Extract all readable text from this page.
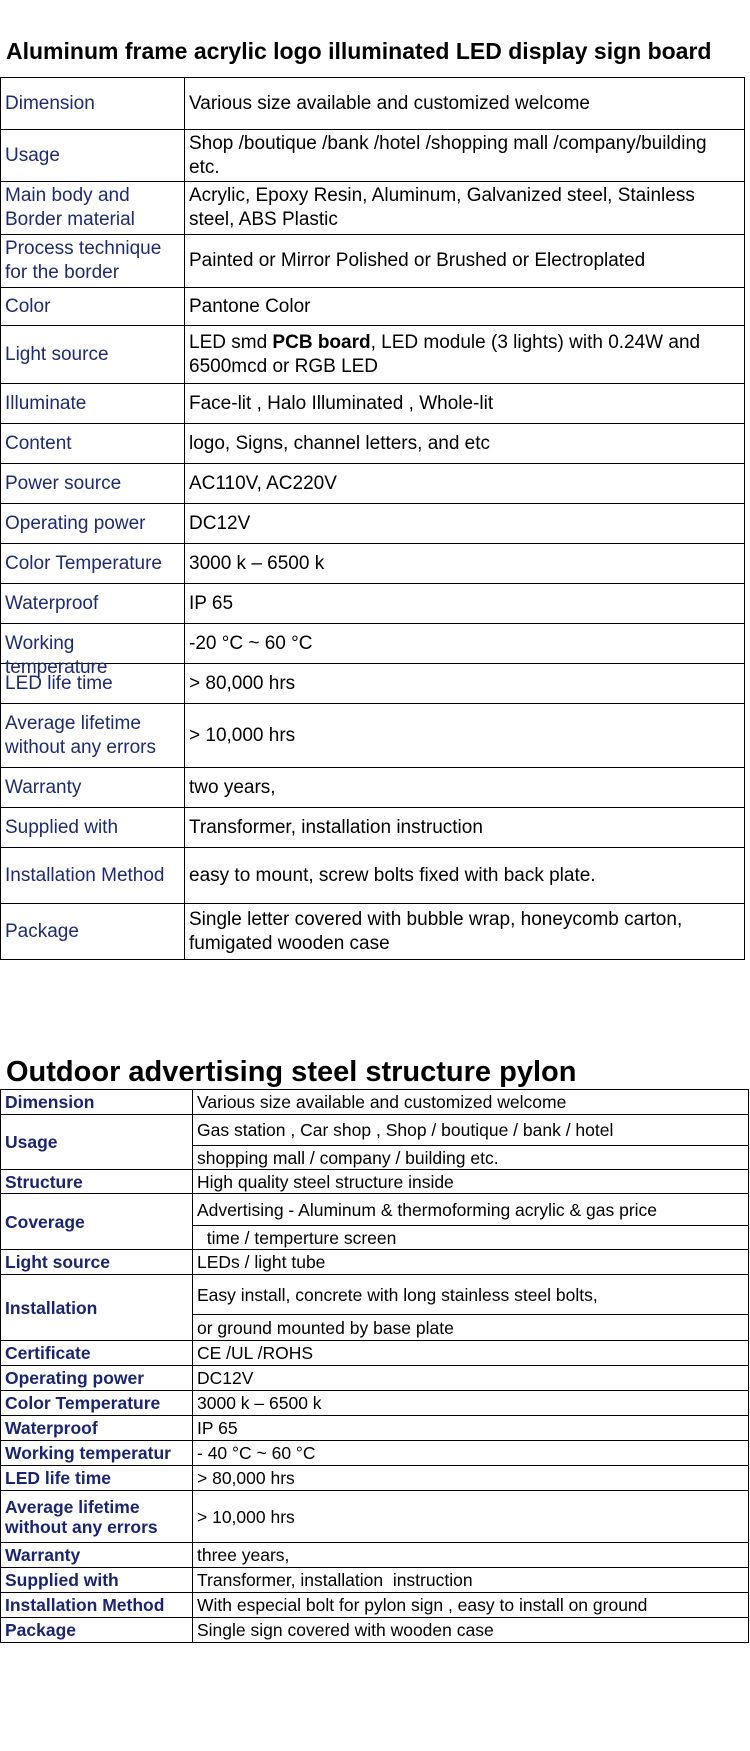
Aluminum frame acrylic logo illuminated LED display sign board
Dimension	Various size available and customized welcome
Usage	Shop /boutique /bank /hotel /shopping mall /company/building etc.
Main body and Border material	Acrylic, Epoxy Resin, Aluminum, Galvanized steel, Stainless steel, ABS Plastic
Process technique for the border	Painted or Mirror Polished or Brushed or Electroplated
Color	Pantone Color
Light source	LED smd PCB board, LED module (3 lights) with 0.24W and 6500mcd or RGB LED
Illuminate	Face-lit , Halo Illuminated , Whole-lit
Content	logo, Signs, channel letters, and etc
Power source	AC110V, AC220V
Operating power	DC12V
Color Temperature	3000 k – 6500 k
Waterproof	IP 65

Working temperature	-20 °C ~ 60 °C
LED life time	> 80,000 hrs
Average lifetime without any errors	> 10,000 hrs
Warranty	two years,
Supplied with	Transformer, installation instruction
Installation Method	easy to mount, screw bolts fixed with back plate.
Package	Single letter covered with bubble wrap, honeycomb carton, fumigated wooden case
Outdoor advertising steel structure pylon
Dimension	Various size available and customized welcome
Usage	Gas station , Car shop , Shop / boutique / bank / hotel
	shopping mall / company / building etc.
Structure	High quality steel structure inside
Coverage	Advertising - Aluminum & thermoforming acrylic & gas price
	time / temperture screen
Light source	LEDs / light tube
Installation	Easy install, concrete with long stainless steel bolts,
	or ground mounted by base plate
Certificate	CE /UL /ROHS
Operating power	DC12V
Color Temperature	3000 k – 6500 k
Waterproof	IP 65
Working temperatur	- 40 °C ~ 60 °C
LED life time	> 80,000 hrs
Average lifetime without any errors	> 10,000 hrs
Warranty	three years,
Supplied with	Transformer, installation  instruction
Installation Method	With especial bolt for pylon sign , easy to install on ground
Package	Single sign covered with wooden case
